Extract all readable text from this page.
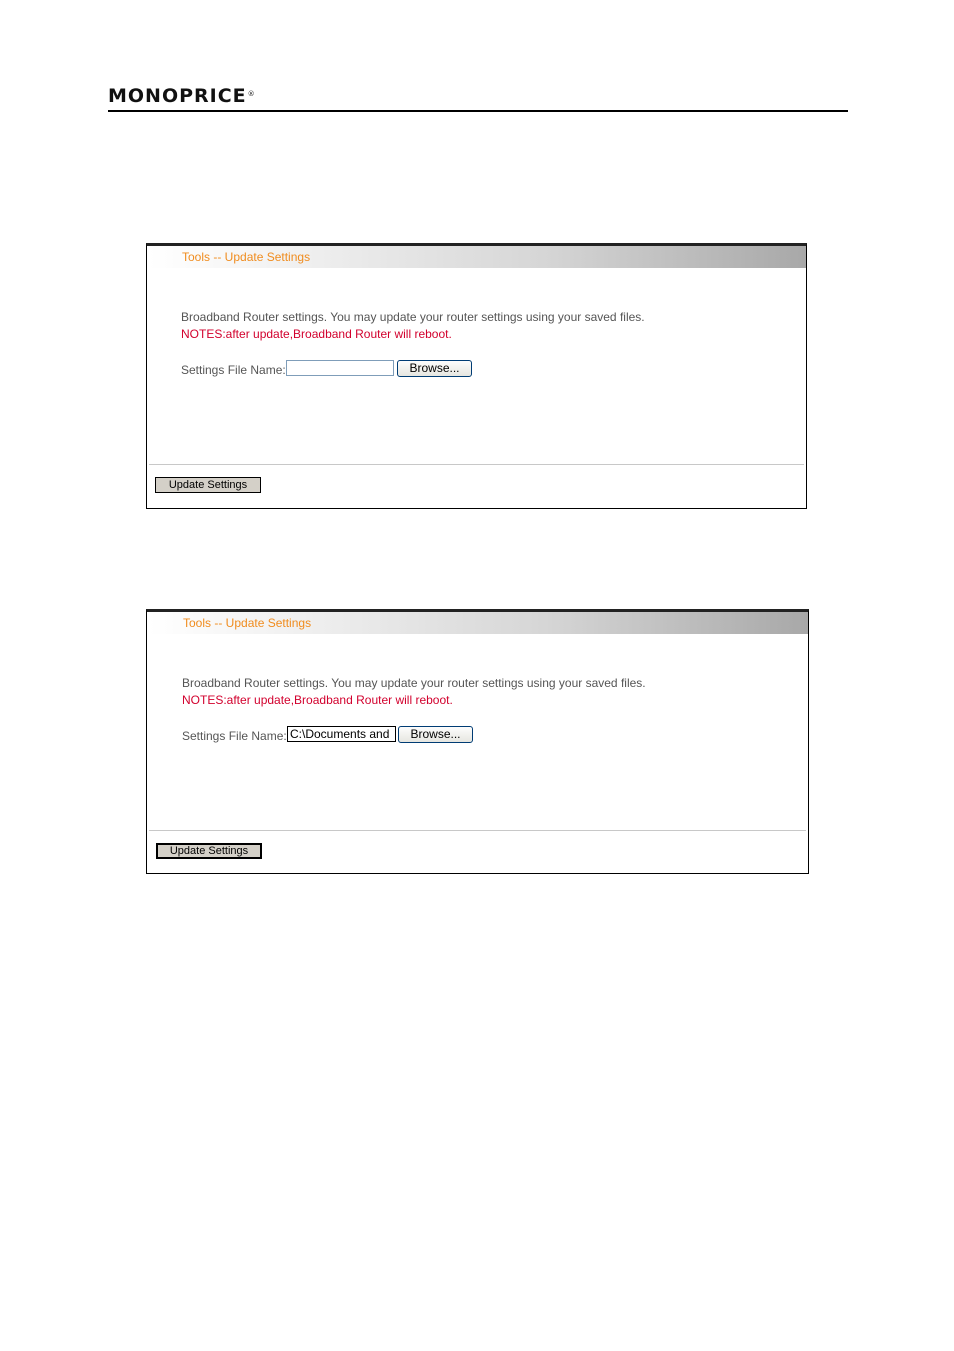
MONOPRICE®
Tools -- Update Settings
Broadband Router settings. You may update your router settings using your saved files.
NOTES:after update,Broadband Router will reboot.
Settings File Name:	Browse...
Update Settings
Tools -- Update Settings
Broadband Router settings. You may update your router settings using your saved files.
NOTES:after update,Broadband Router will reboot.
Settings File Name: C:\Documents and	Browse...
Update Settings
